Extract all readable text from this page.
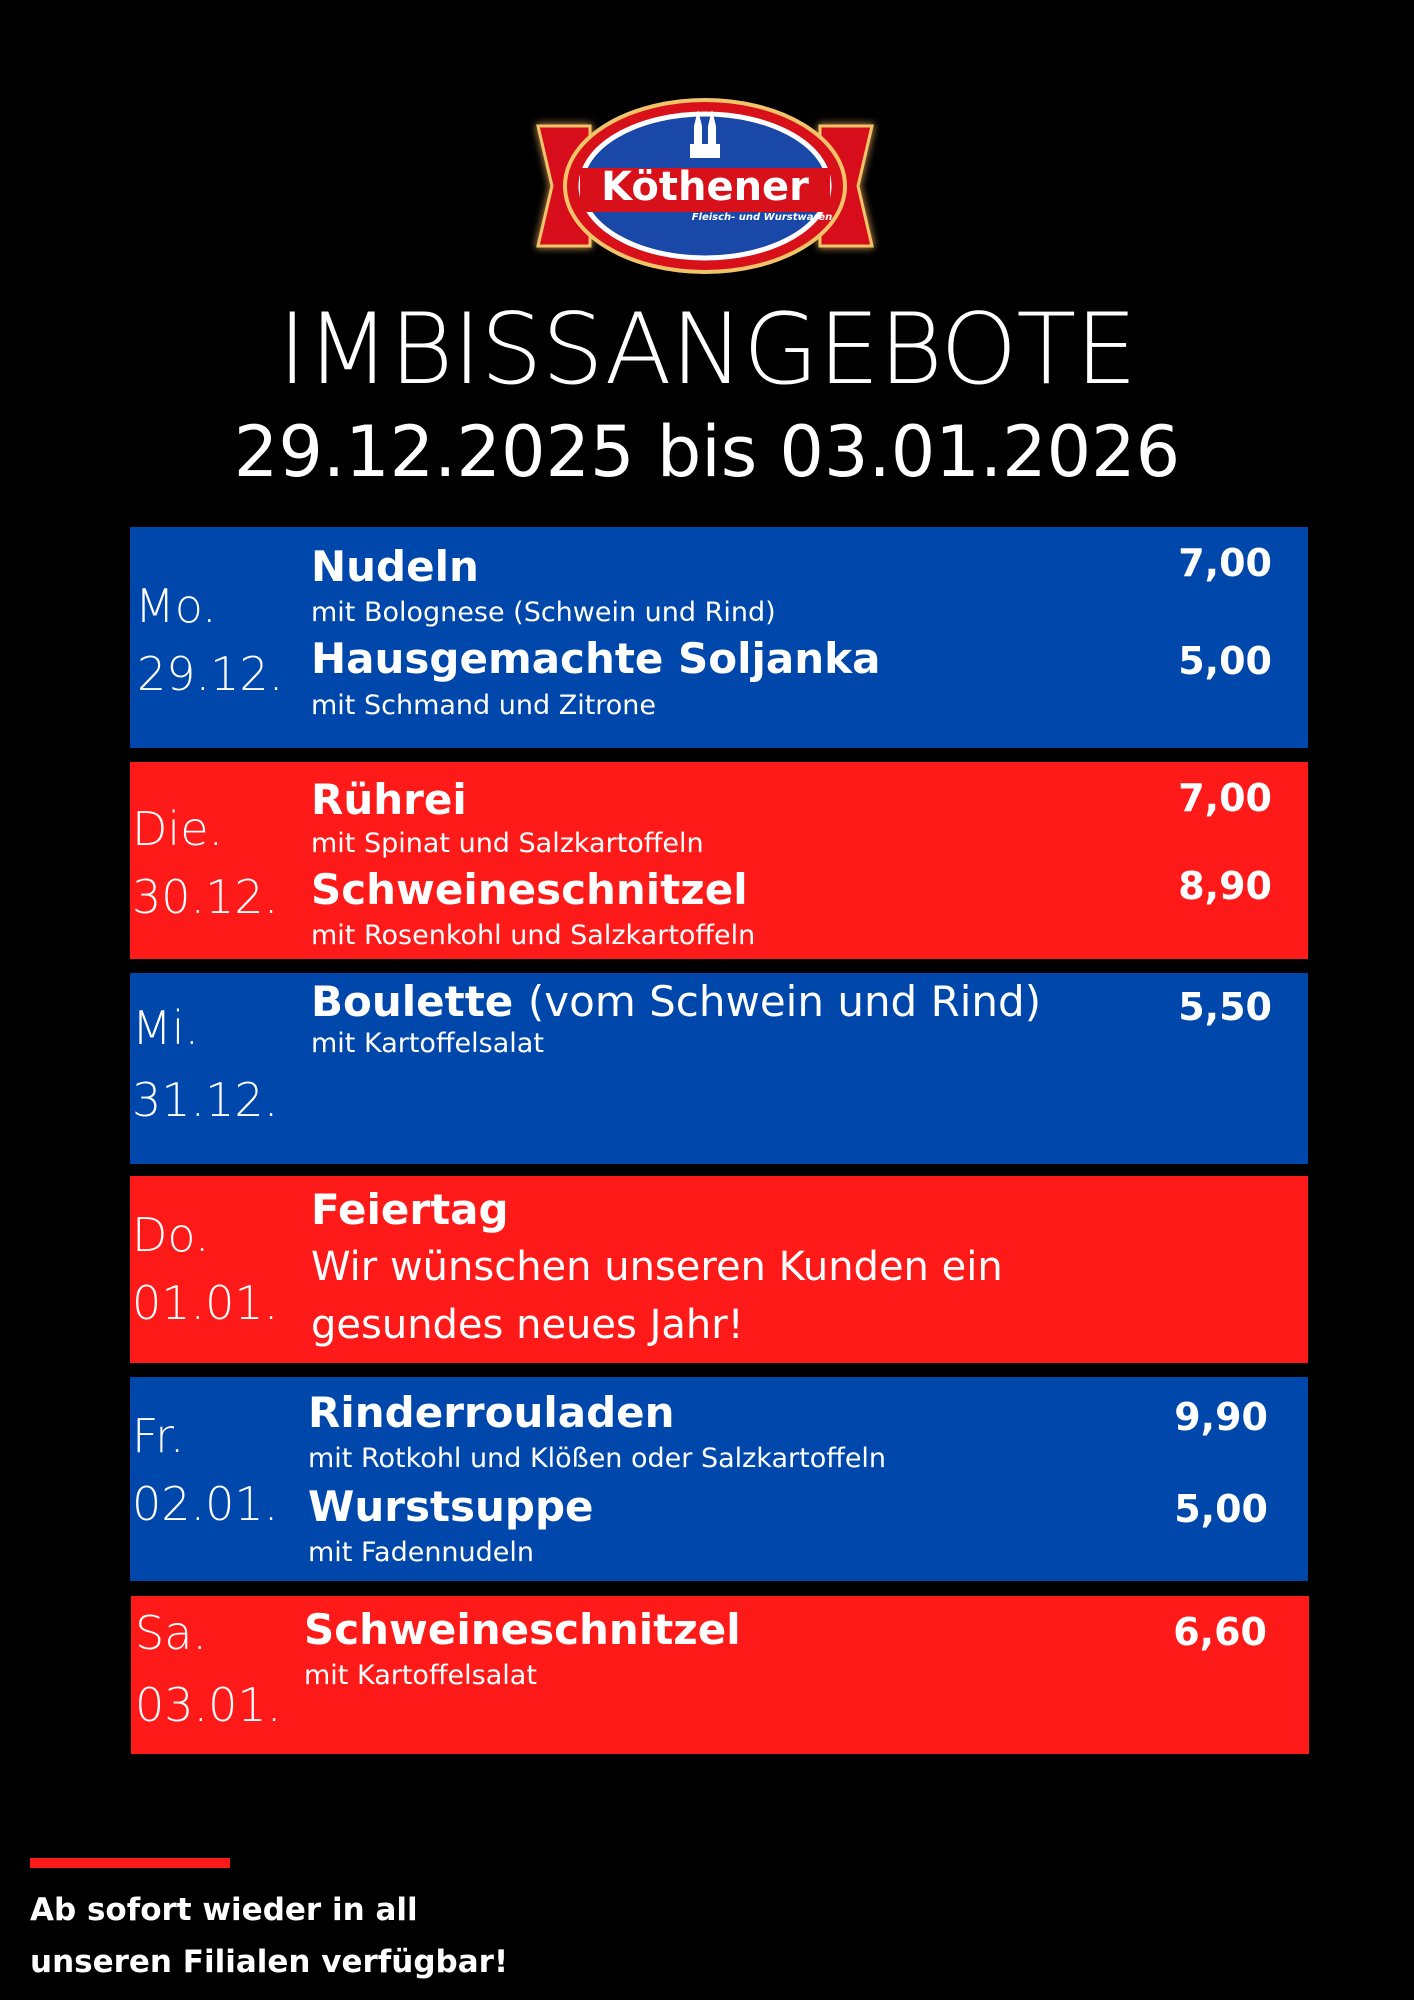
Köthener
Fleisch- und Wurstwaren
IMBISSANGEBOTE
29.12.2025 bis 03.01.2026
Mo.
29.12.
Nudeln
mit Bolognese (Schwein und Rind)
7,00
Hausgemachte Soljanka
mit Schmand und Zitrone
5,00
Die.
30.12.
Rührei
mit Spinat und Salzkartoffeln
7,00
Schweineschnitzel
mit Rosenkohl und Salzkartoffeln
8,90
Mi.
31.12.
Boulette (vom Schwein und Rind)
mit Kartoffelsalat
5,50
Do.
01.01.
Feiertag
Wir wünschen unseren Kunden ein gesundes neues Jahr!
Fr.
02.01.
Rinderrouladen
mit Rotkohl und Klößen oder Salzkartoffeln
9,90
Wurstsuppe
mit Fadennudeln
5,00
Sa.
03.01.
Schweineschnitzel
mit Kartoffelsalat
6,60
Ab sofort wieder in all
unseren Filialen verfügbar!
